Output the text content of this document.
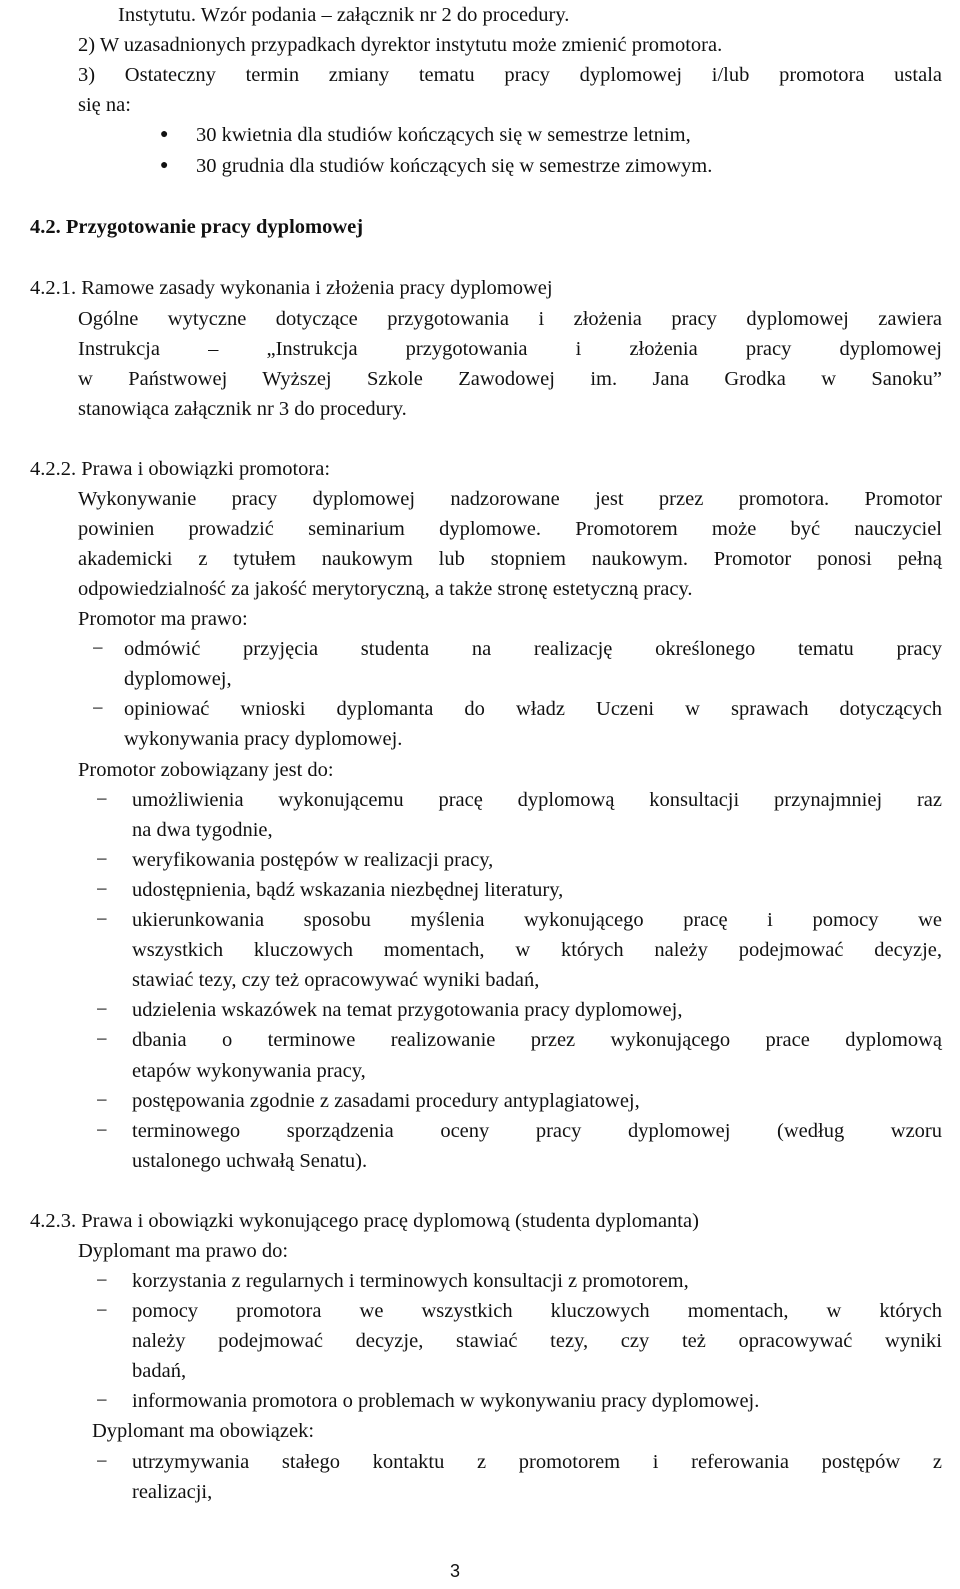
Instytutu. Wzór podania – załącznik nr 2 do procedury.
2) W uzasadnionych przypadkach dyrektor instytutu może zmienić promotora.
3) Ostateczny termin zmiany tematu pracy dyplomowej i/lub promotora ustala
się na:
● 30 kwietnia dla studiów kończących się w semestrze letnim,
● 30 grudnia dla studiów kończących się w semestrze zimowym.
4.2. Przygotowanie pracy dyplomowej
4.2.1. Ramowe zasady wykonania i złożenia pracy dyplomowej
Ogólne wytyczne dotyczące przygotowania i złożenia pracy dyplomowej zawiera
Instrukcja – „Instrukcja przygotowania i złożenia pracy dyplomowej
w Państwowej Wyższej Szkole Zawodowej im. Jana Grodka w Sanoku”
stanowiąca załącznik nr 3 do procedury.
4.2.2. Prawa i obowiązki promotora:
Wykonywanie pracy dyplomowej nadzorowane jest przez promotora. Promotor
powinien prowadzić seminarium dyplomowe. Promotorem może być nauczyciel
akademicki z tytułem naukowym lub stopniem naukowym. Promotor ponosi pełną
odpowiedzialność za jakość merytoryczną, a także stronę estetyczną pracy.
Promotor ma prawo:
− odmówić przyjęcia studenta na realizację określonego tematu pracy
dyplomowej,
− opiniować wnioski dyplomanta do władz Uczeni w sprawach dotyczących
wykonywania pracy dyplomowej.
Promotor zobowiązany jest do:
− umożliwienia wykonującemu pracę dyplomową konsultacji przynajmniej raz
na dwa tygodnie,
− weryfikowania postępów w realizacji pracy,
− udostępnienia, bądź wskazania niezbędnej literatury,
− ukierunkowania sposobu myślenia wykonującego pracę i pomocy we
wszystkich kluczowych momentach, w których należy podejmować decyzje,
stawiać tezy, czy też opracowywać wyniki badań,
− udzielenia wskazówek na temat przygotowania pracy dyplomowej,
− dbania o terminowe realizowanie przez wykonującego prace dyplomową
etapów wykonywania pracy,
− postępowania zgodnie z zasadami procedury antyplagiatowej,
− terminowego sporządzenia oceny pracy dyplomowej (według wzoru
ustalonego uchwałą Senatu).
4.2.3. Prawa i obowiązki wykonującego pracę dyplomową (studenta dyplomanta)
Dyplomant ma prawo do:
− korzystania z regularnych i terminowych konsultacji z promotorem,
− pomocy promotora we wszystkich kluczowych momentach, w których
należy podejmować decyzje, stawiać tezy, czy też opracowywać wyniki
badań,
− informowania promotora o problemach w wykonywaniu pracy dyplomowej.
Dyplomant ma obowiązek:
− utrzymywania stałego kontaktu z promotorem i referowania postępów z
realizacji,
3
